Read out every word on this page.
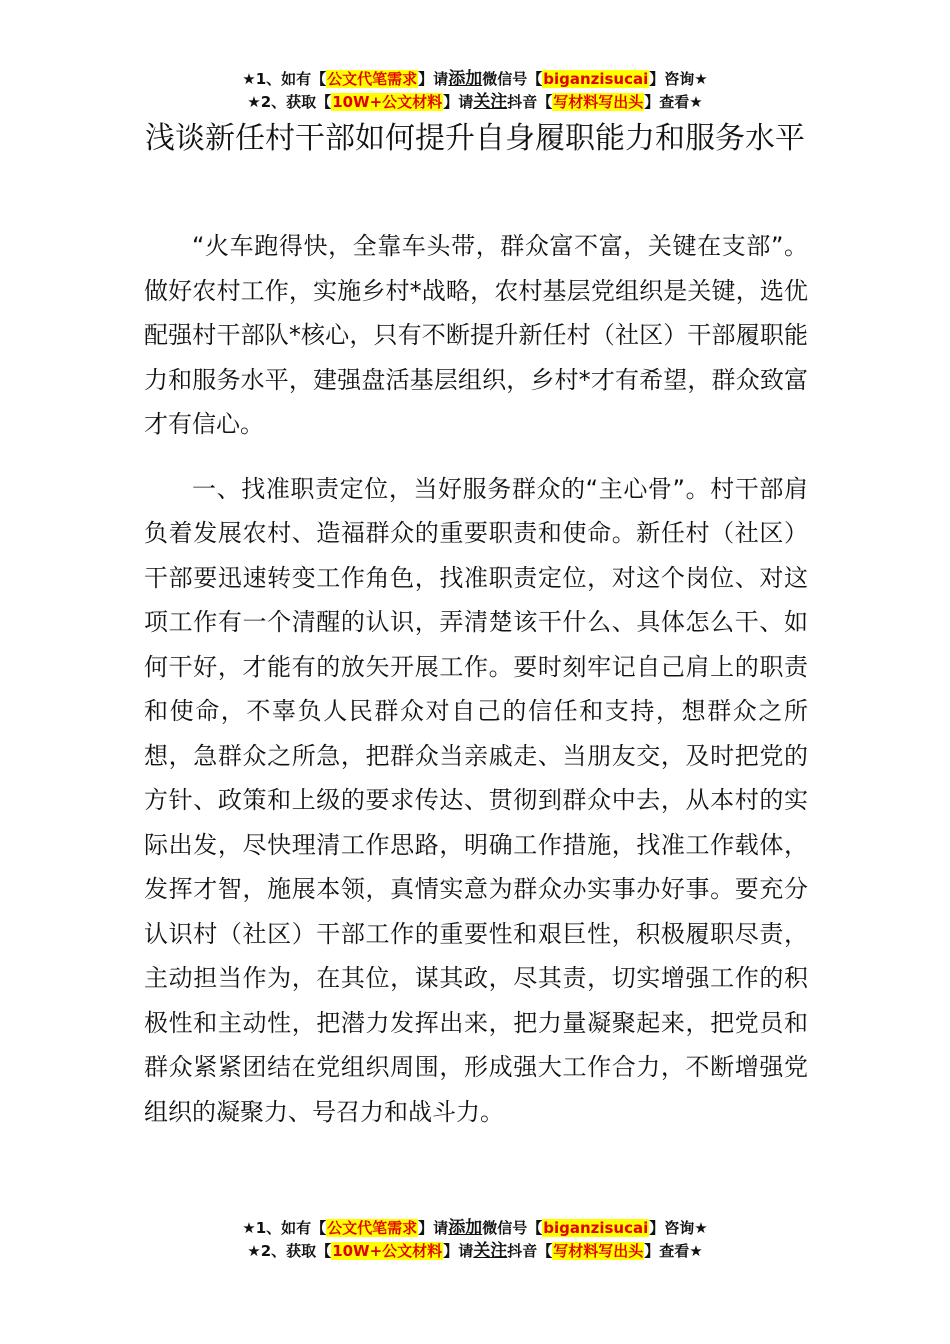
★1、如有【公文代笔需求】请添加微信号【biganzisucai】咨询★
★2、获取【10W+公文材料】请关注抖音【写材料写出头】查看★
浅谈新任村干部如何提升自身履职能力和服务水平

“火车跑得快，全靠车头带，群众富不富，关键在支部”。做好农村工作，实施乡村*战略，农村基层党组织是关键，选优配强村干部队*核心，只有不断提升新任村（社区）干部履职能力和服务水平，建强盘活基层组织，乡村*才有希望，群众致富才有信心。

一、找准职责定位，当好服务群众的“主心骨”。村干部肩负着发展农村、造福群众的重要职责和使命。新任村（社区）干部要迅速转变工作角色，找准职责定位，对这个岗位、对这项工作有一个清醒的认识，弄清楚该干什么、具体怎么干、如何干好，才能有的放矢开展工作。要时刻牢记自己肩上的职责和使命，不辜负人民群众对自己的信任和支持，想群众之所想，急群众之所急，把群众当亲戚走、当朋友交，及时把党的方针、政策和上级的要求传达、贯彻到群众中去，从本村的实际出发，尽快理清工作思路，明确工作措施，找准工作载体，发挥才智，施展本领，真情实意为群众办实事办好事。要充分认识村（社区）干部工作的重要性和艰巨性，积极履职尽责，主动担当作为，在其位，谋其政，尽其责，切实增强工作的积极性和主动性，把潜力发挥出来，把力量凝聚起来，把党员和群众紧紧团结在党组织周围，形成强大工作合力，不断增强党组织的凝聚力、号召力和战斗力。

★1、如有【公文代笔需求】请添加微信号【biganzisucai】咨询★
★2、获取【10W+公文材料】请关注抖音【写材料写出头】查看★
